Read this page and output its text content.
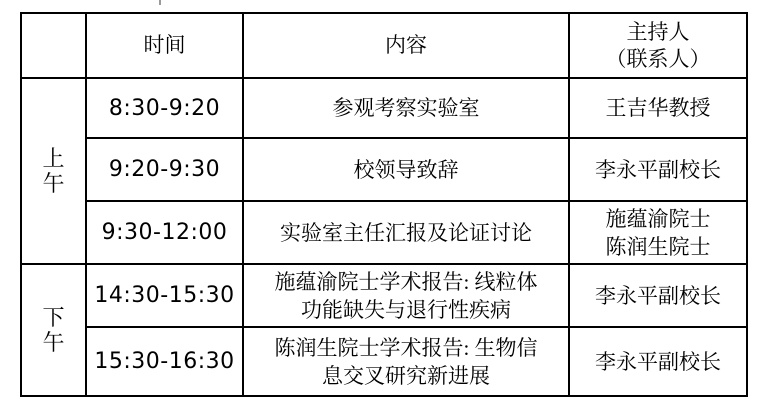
	时间	内容	主持人
（联系人）

上
午	8:30-9:20	参观考察实验室	王吉华教授

	9:20-9:30	校领导致辞	李永平副校长

	9:30-12:00	实验室主任汇报及论证讨论	施蕴渝院士
陈润生院士

下
午	14:30-15:30	施蕴渝院士学术报告: 线粒体
功能缺失与退行性疾病	李永平副校长

	15:30-16:30	陈润生院士学术报告: 生物信
息交叉研究新进展	李永平副校长
